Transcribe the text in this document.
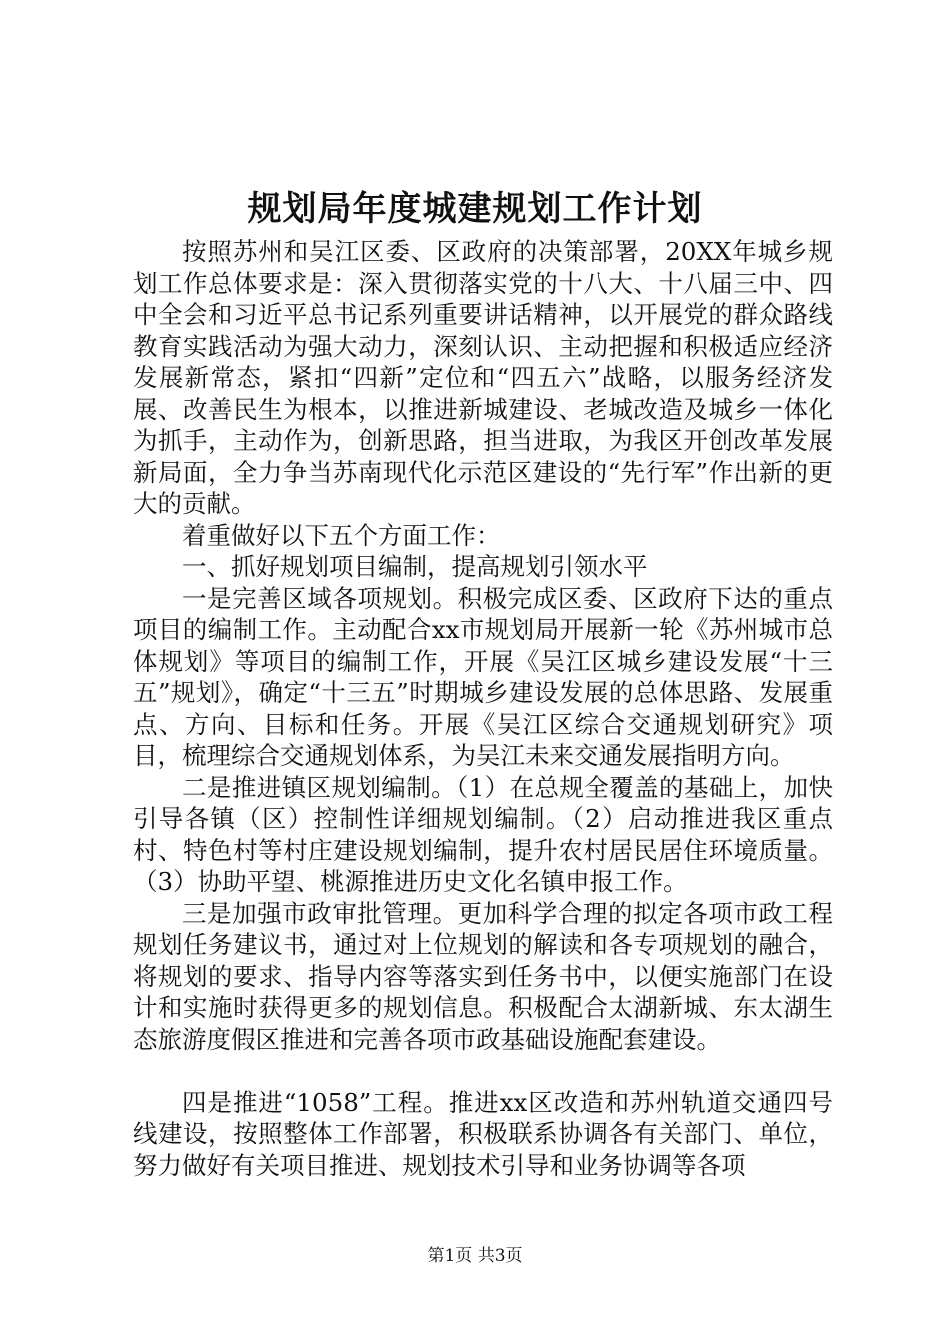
规划局年度城建规划工作计划

按照苏州和吴江区委、区政府的决策部署，20XX年城乡规划工作总体要求是：深入贯彻落实党的十八大、十八届三中、四中全会和习近平总书记系列重要讲话精神，以开展党的群众路线教育实践活动为强大动力，深刻认识、主动把握和积极适应经济发展新常态，紧扣“四新”定位和“四五六”战略，以服务经济发展、改善民生为根本，以推进新城建设、老城改造及城乡一体化为抓手，主动作为，创新思路，担当进取，为我区开创改革发展新局面，全力争当苏南现代化示范区建设的“先行军”作出新的更大的贡献。

着重做好以下五个方面工作：

一、抓好规划项目编制，提高规划引领水平

一是完善区域各项规划。积极完成区委、区政府下达的重点项目的编制工作。主动配合xx市规划局开展新一轮《苏州城市总体规划》等项目的编制工作，开展《吴江区城乡建设发展“十三五”规划》，确定“十三五”时期城乡建设发展的总体思路、发展重点、方向、目标和任务。开展《吴江区综合交通规划研究》项目，梳理综合交通规划体系，为吴江未来交通发展指明方向。

二是推进镇区规划编制。（1）在总规全覆盖的基础上，加快引导各镇（区）控制性详细规划编制。（2）启动推进我区重点村、特色村等村庄建设规划编制，提升农村居民居住环境质量。（3）协助平望、桃源推进历史文化名镇申报工作。

三是加强市政审批管理。更加科学合理的拟定各项市政工程规划任务建议书，通过对上位规划的解读和各专项规划的融合，将规划的要求、指导内容等落实到任务书中，以便实施部门在设计和实施时获得更多的规划信息。积极配合太湖新城、东太湖生态旅游度假区推进和完善各项市政基础设施配套建设。

四是推进“1058”工程。推进xx区改造和苏州轨道交通四号线建设，按照整体工作部署，积极联系协调各有关部门、单位，努力做好有关项目推进、规划技术引导和业务协调等各项

第1页 共3页
